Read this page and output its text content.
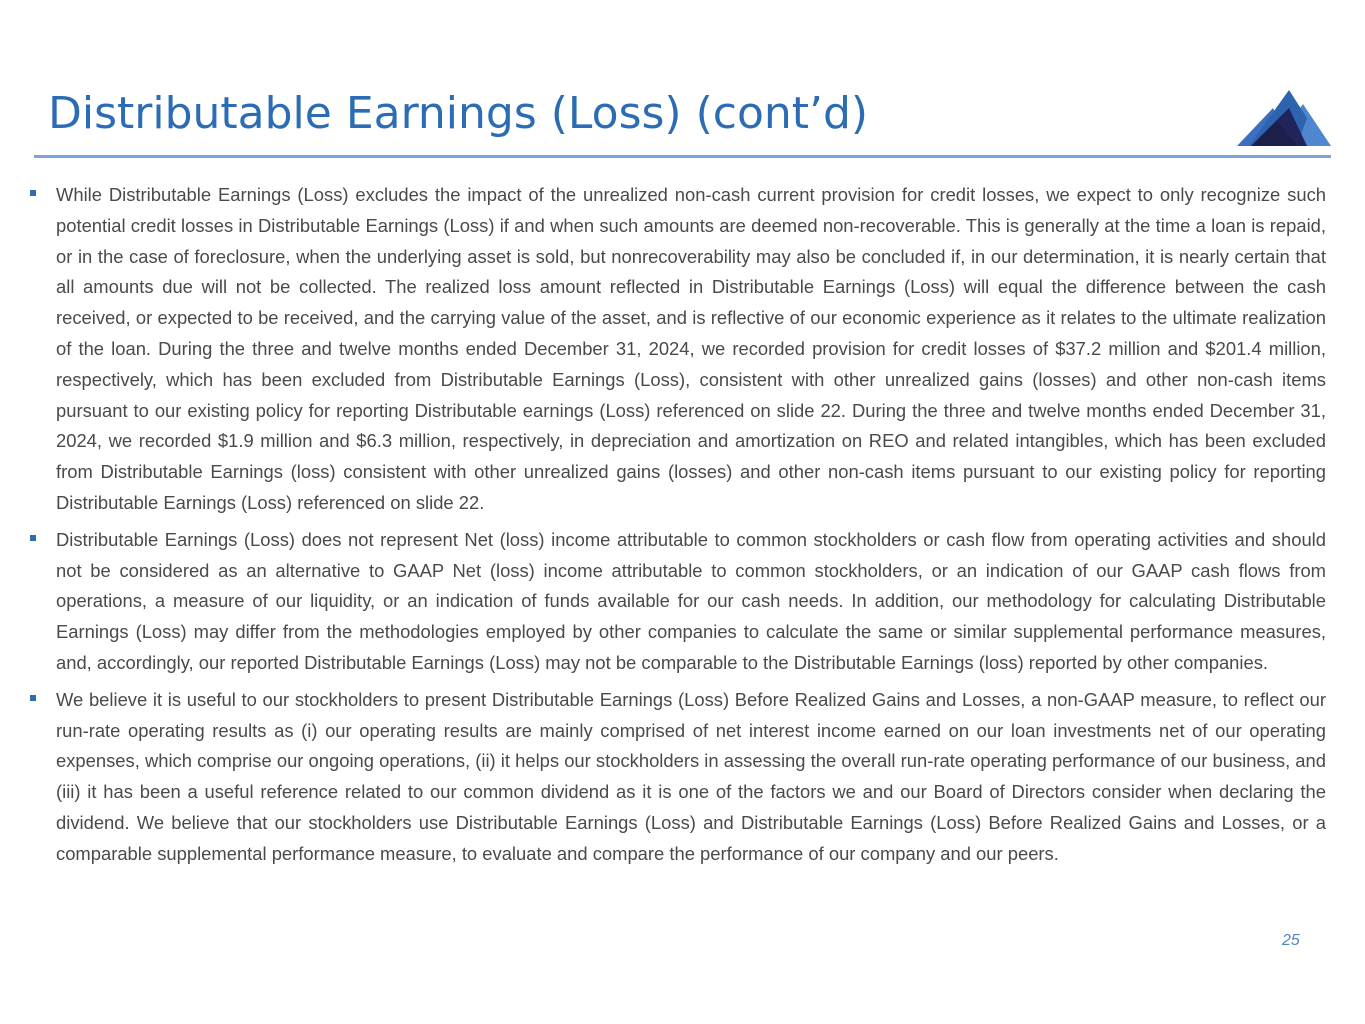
Distributable Earnings (Loss) (cont’d)
While Distributable Earnings (Loss) excludes the impact of the unrealized non-cash current provision for credit losses, we expect to only recognize such potential credit losses in Distributable Earnings (Loss) if and when such amounts are deemed non-recoverable. This is generally at the time a loan is repaid, or in the case of foreclosure, when the underlying asset is sold, but nonrecoverability may also be concluded if, in our determination, it is nearly certain that all amounts due will not be collected. The realized loss amount reflected in Distributable Earnings (Loss) will equal the difference between the cash received, or expected to be received, and the carrying value of the asset, and is reflective of our economic experience as it relates to the ultimate realization of the loan. During the three and twelve months ended December 31, 2024, we recorded provision for credit losses of $37.2 million and $201.4 million, respectively, which has been excluded from Distributable Earnings (Loss), consistent with other unrealized gains (losses) and other non-cash items pursuant to our existing policy for reporting Distributable earnings (Loss) referenced on slide 22. During the three and twelve months ended December 31, 2024, we recorded $1.9 million and $6.3 million, respectively, in depreciation and amortization on REO and related intangibles, which has been excluded from Distributable Earnings (loss) consistent with other unrealized gains (losses) and other non-cash items pursuant to our existing policy for reporting Distributable Earnings (Loss) referenced on slide 22.
Distributable Earnings (Loss) does not represent Net (loss) income attributable to common stockholders or cash flow from operating activities and should not be considered as an alternative to GAAP Net (loss) income attributable to common stockholders, or an indication of our GAAP cash flows from operations, a measure of our liquidity, or an indication of funds available for our cash needs. In addition, our methodology for calculating Distributable Earnings (Loss) may differ from the methodologies employed by other companies to calculate the same or similar supplemental performance measures, and, accordingly, our reported Distributable Earnings (Loss) may not be comparable to the Distributable Earnings (loss) reported by other companies.
We believe it is useful to our stockholders to present Distributable Earnings (Loss) Before Realized Gains and Losses, a non-GAAP measure, to reflect our run-rate operating results as (i) our operating results are mainly comprised of net interest income earned on our loan investments net of our operating expenses, which comprise our ongoing operations, (ii) it helps our stockholders in assessing the overall run-rate operating performance of our business, and (iii) it has been a useful reference related to our common dividend as it is one of the factors we and our Board of Directors consider when declaring the dividend. We believe that our stockholders use Distributable Earnings (Loss) and Distributable Earnings (Loss) Before Realized Gains and Losses, or a comparable supplemental performance measure, to evaluate and compare the performance of our company and our peers.
25
